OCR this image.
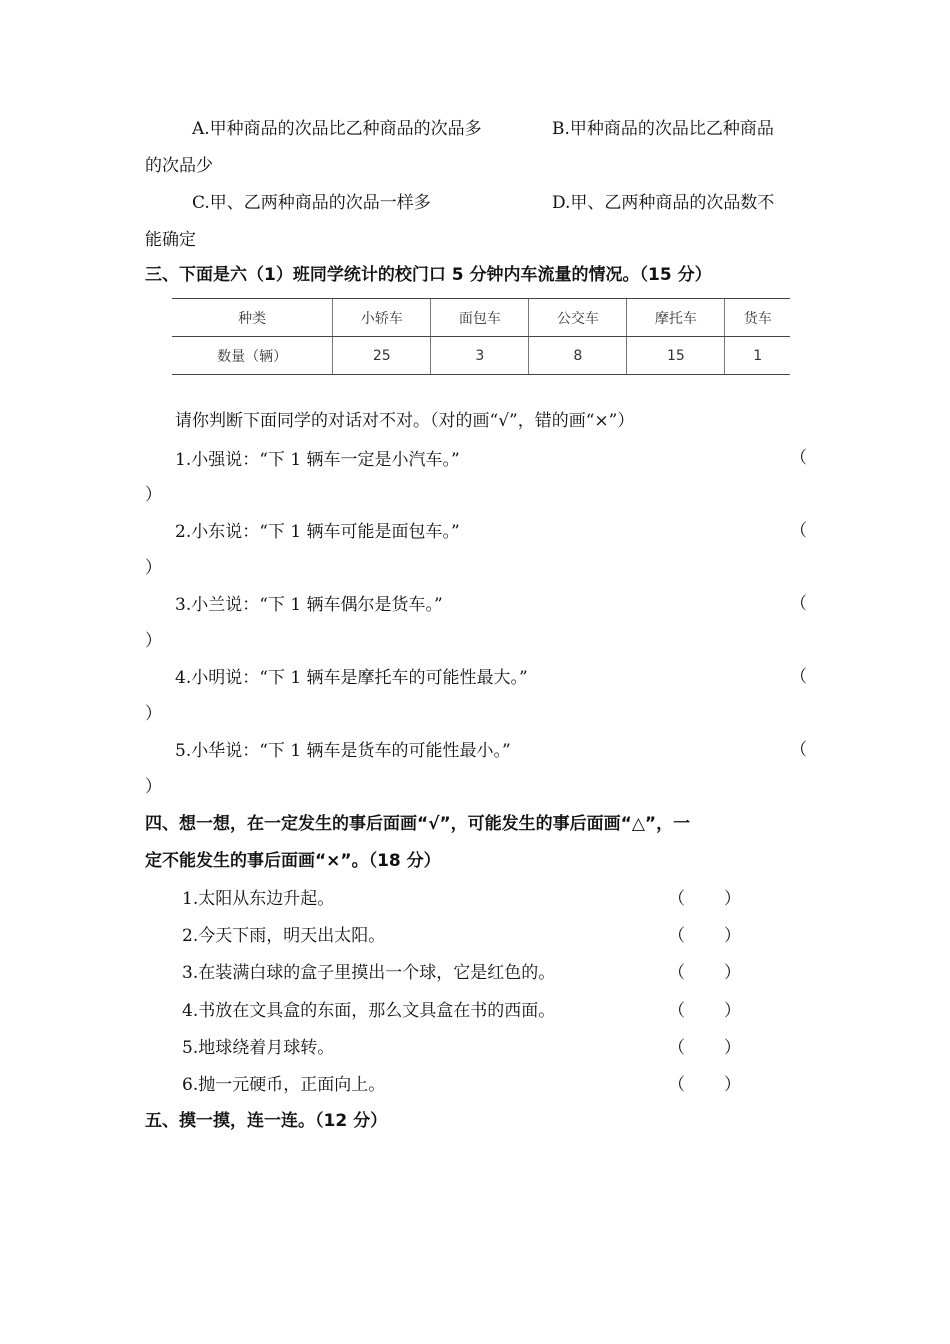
A.甲种商品的次品比乙种商品的次品多	B.甲种商品的次品比乙种商品
的次品少
C.甲、乙两种商品的次品一样多	D.甲、乙两种商品的次品数不
能确定
三、下面是六（1）班同学统计的校门口 5 分钟内车流量的情况。（15 分）
种类	小轿车	面包车	公交车	摩托车	货车
数量（辆）	25	3	8	15	1
请你判断下面同学的对话对不对。（对的画“√”，错的画“×”）
1.小强说：“下 1 辆车一定是小汽车。”	（
）
2.小东说：“下 1 辆车可能是面包车。”	（
）
3.小兰说：“下 1 辆车偶尔是货车。”	（
）
4.小明说：“下 1 辆车是摩托车的可能性最大。”	（
）
5.小华说：“下 1 辆车是货车的可能性最小。”	（
）
四、想一想，在一定发生的事后面画“√”，可能发生的事后面画“△”，一
定不能发生的事后面画“×”。（18 分）
1.太阳从东边升起。	（ ）
2.今天下雨，明天出太阳。	（ ）
3.在装满白球的盒子里摸出一个球，它是红色的。	（ ）
4.书放在文具盒的东面，那么文具盒在书的西面。	（ ）
5.地球绕着月球转。	（ ）
6.抛一元硬币，正面向上。	（ ）
五、摸一摸，连一连。（12 分）
